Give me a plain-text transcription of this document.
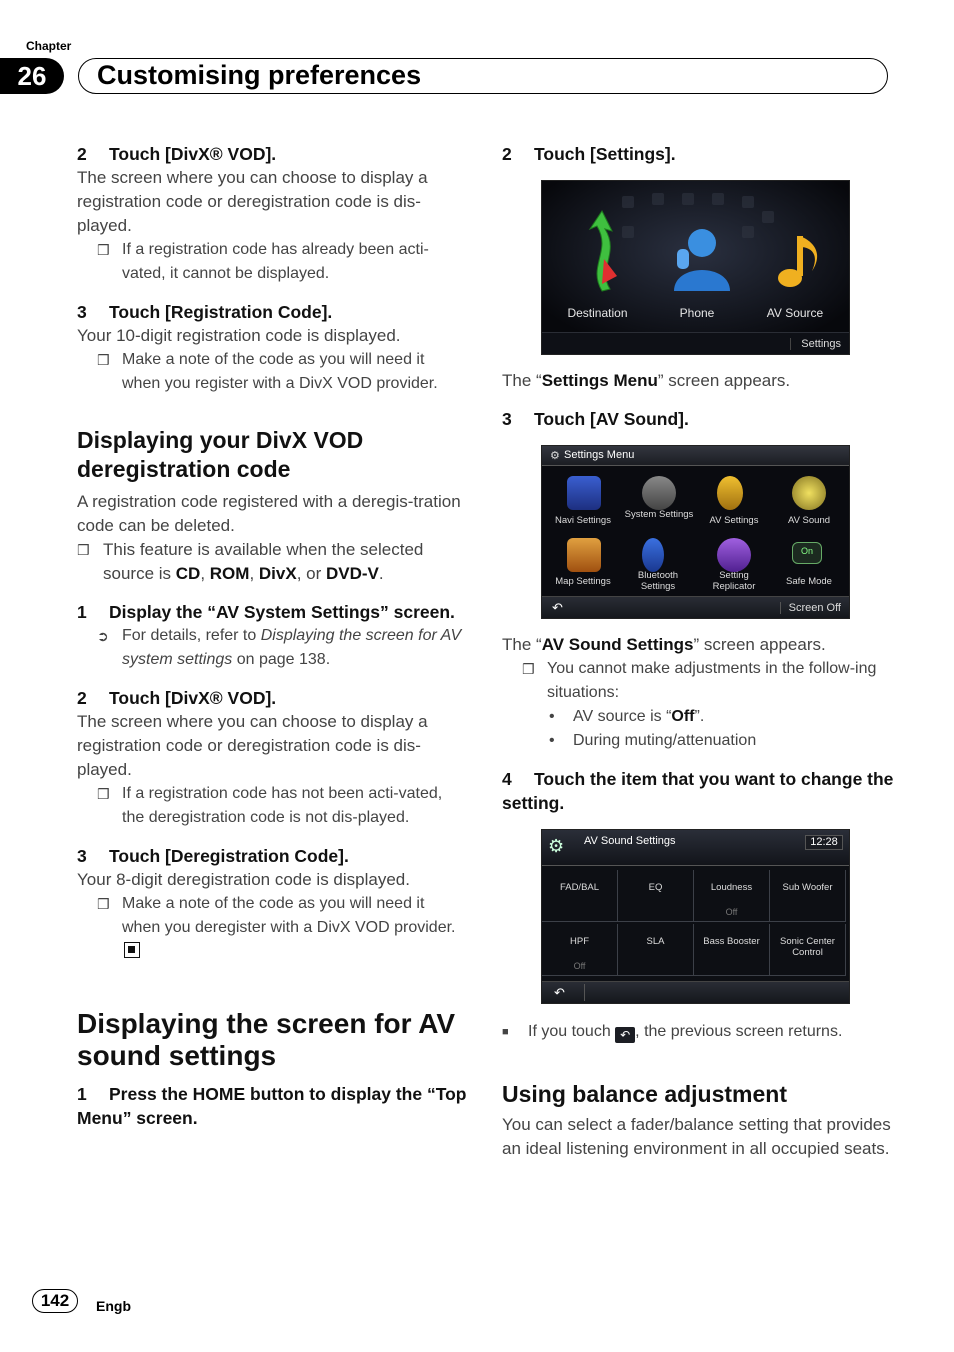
Chapter
26	Customising preferences
2 Touch [DivX® VOD].
The screen where you can choose to display a registration code or deregistration code is dis-played.
❒ If a registration code has already been acti-vated, it cannot be displayed.
3 Touch [Registration Code].
Your 10-digit registration code is displayed.
❒ Make a note of the code as you will need it when you register with a DivX VOD provider.
Displaying your DivX VOD deregistration code
A registration code registered with a deregis-tration code can be deleted.
❒ This feature is available when the selected source is CD, ROM, DivX, or DVD-V.
1 Display the “AV System Settings” screen.
➲ For details, refer to Displaying the screen for AV system settings on page 138.
2 Touch [DivX® VOD].
The screen where you can choose to display a registration code or deregistration code is dis-played.
❒ If a registration code has not been acti-vated, the deregistration code is not dis-played.
3 Touch [Deregistration Code].
Your 8-digit deregistration code is displayed.
❒ Make a note of the code as you will need it when you deregister with a DivX VOD provider.
Displaying the screen for AV sound settings
1 Press the HOME button to display the “Top Menu” screen.
2 Touch [Settings].
Destination	Phone	AV Source
Settings
The “Settings Menu” screen appears.
3 Touch [AV Sound].
⚙ Settings Menu
Navi Settings
System Settings
AV Settings	AV Sound
On
Map Settings
Bluetooth Settings
Setting Replicator	Safe Mode
↶	Screen Off
The “AV Sound Settings” screen appears.
❒ You cannot make adjustments in the follow-ing situations:
• AV source is “Off”.
• During muting/attenuation
4 Touch the item that you want to change the setting.
⚙ AV Sound Settings	12:28
FAD/BAL	EQ	Loudness
Off
Sub Woofer
HPF
Off
SLA	Bass Booster	Sonic Center Control
↶
■ If you touch ↶ , the previous screen returns.
Using balance adjustment
You can select a fader/balance setting that provides an ideal listening environment in all occupied seats.
142	Engb
